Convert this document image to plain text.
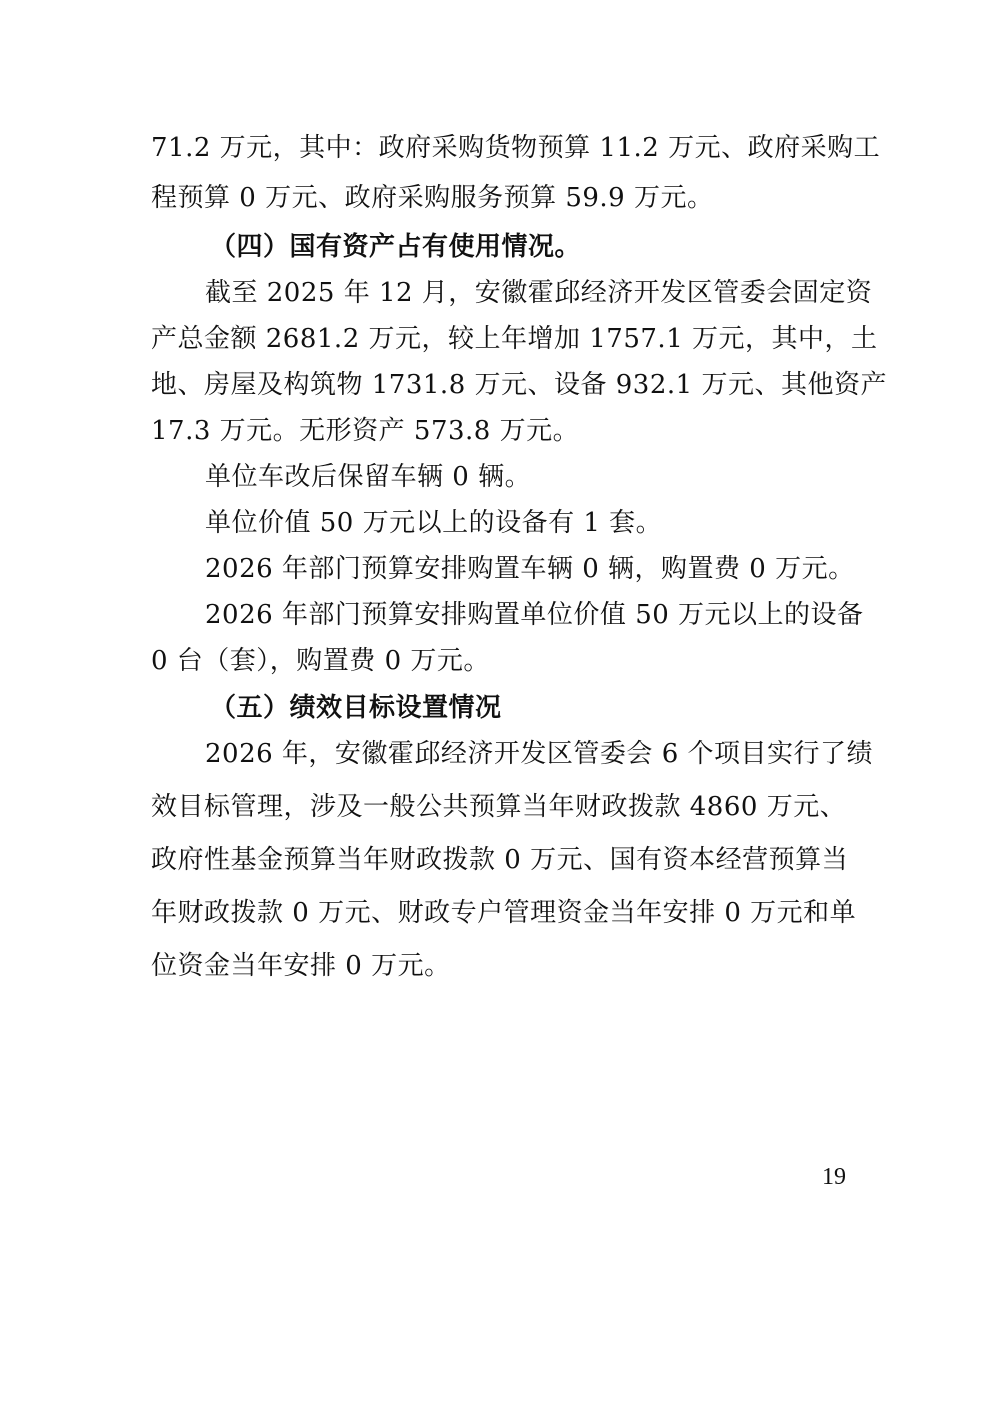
71.2 万元，其中：政府采购货物预算 11.2 万元、政府采购工
程预算 0 万元、政府采购服务预算 59.9 万元。
（四）国有资产占有使用情况。
截至 2025 年 12 月，安徽霍邱经济开发区管委会固定资
产总金额 2681.2 万元，较上年增加 1757.1 万元，其中，土
地、房屋及构筑物 1731.8 万元、设备 932.1 万元、其他资产
17.3 万元。无形资产 573.8 万元。
单位车改后保留车辆 0 辆。
单位价值 50 万元以上的设备有 1 套。
2026 年部门预算安排购置车辆 0 辆，购置费 0 万元。
2026 年部门预算安排购置单位价值 50 万元以上的设备
0 台（套），购置费 0 万元。
（五）绩效目标设置情况
2026 年，安徽霍邱经济开发区管委会 6 个项目实行了绩
效目标管理，涉及一般公共预算当年财政拨款 4860 万元、
政府性基金预算当年财政拨款 0 万元、国有资本经营预算当
年财政拨款 0 万元、财政专户管理资金当年安排 0 万元和单
位资金当年安排 0 万元。
19
